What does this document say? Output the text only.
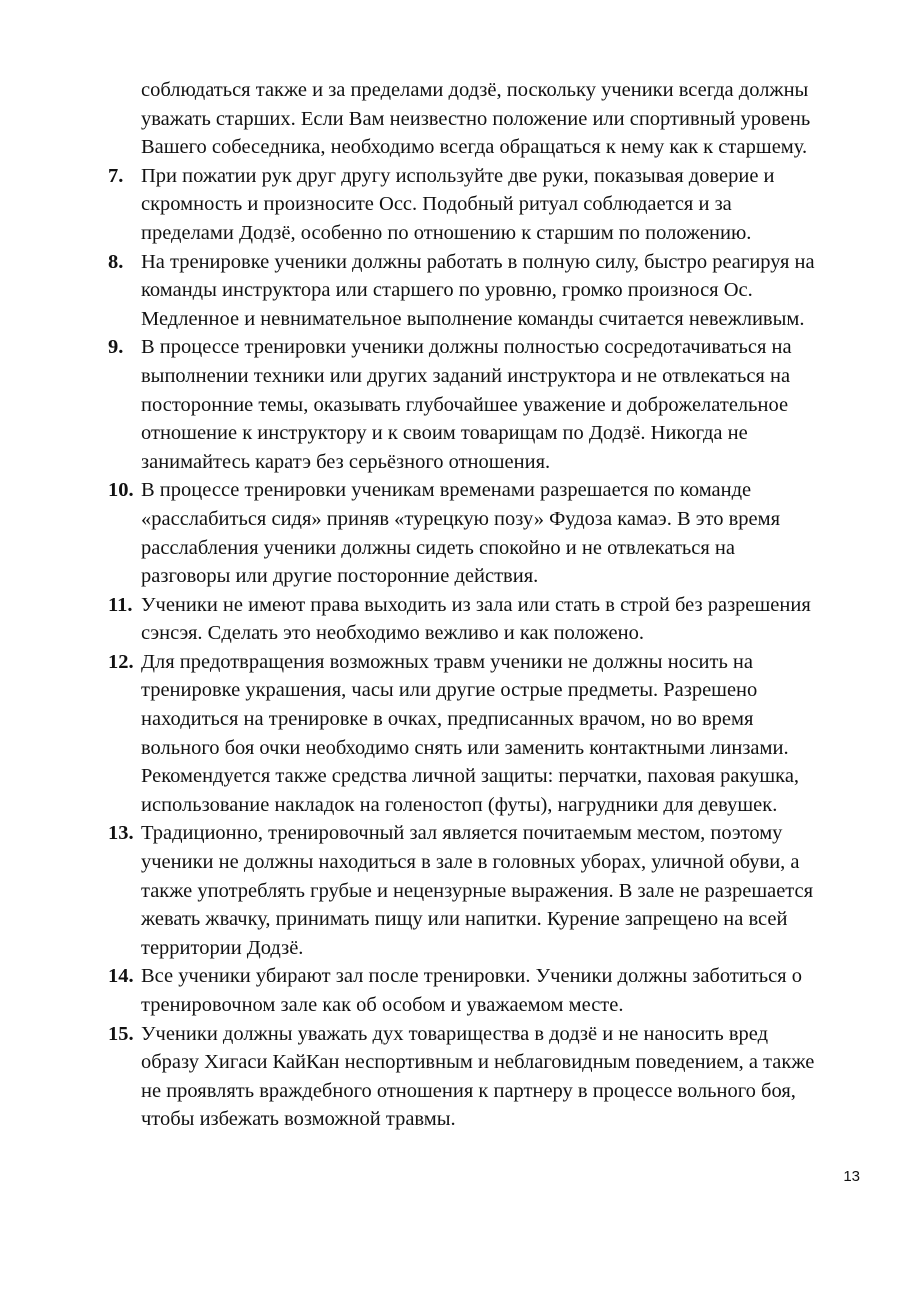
соблюдаться также и за пределами додзё, поскольку ученики всегда должны
уважать старших. Если Вам неизвестно положение или спортивный уровень
Вашего собеседника, необходимо всегда обращаться к нему как к старшему.
7. При пожатии рук друг другу используйте две руки, показывая доверие и
скромность и произносите Осс. Подобный ритуал соблюдается и за
пределами Додзё, особенно по отношению к старшим по положению.
8. На тренировке ученики должны работать в полную силу, быстро реагируя на
команды инструктора или старшего по уровню, громко произнося Ос.
Медленное и невнимательное выполнение команды считается невежливым.
9. В процессе тренировки ученики должны полностью сосредотачиваться на
выполнении техники или других заданий инструктора и не отвлекаться на
посторонние темы, оказывать глубочайшее уважение и доброжелательное
отношение к инструктору и к своим товарищам по Додзё. Никогда не
занимайтесь каратэ без серьёзного отношения.
10. В процессе тренировки ученикам временами разрешается по команде
«расслабиться сидя» приняв «турецкую позу» Фудоза камаэ. В это время
расслабления ученики должны сидеть спокойно и не отвлекаться на
разговоры или другие посторонние действия.
11. Ученики не имеют права выходить из зала или стать в строй без разрешения
сэнсэя. Сделать это необходимо вежливо и как положено.
12. Для предотвращения возможных травм ученики не должны носить на
тренировке украшения, часы или другие острые предметы. Разрешено
находиться на тренировке в очках, предписанных врачом, но во время
вольного боя очки необходимо снять или заменить контактными линзами.
Рекомендуется также средства личной защиты: перчатки, паховая ракушка,
использование накладок на голеностоп (футы), нагрудники для девушек.
13. Традиционно, тренировочный зал является почитаемым местом, поэтому
ученики не должны находиться в зале в головных уборах, уличной обуви, а
также употреблять грубые и нецензурные выражения. В зале не разрешается
жевать жвачку, принимать пищу или напитки. Курение запрещено на всей
территории Додзё.
14. Все ученики убирают зал после тренировки. Ученики должны заботиться о
тренировочном зале как об особом и уважаемом месте.
15. Ученики должны уважать дух товарищества в додзё и не наносить вред
образу Хигаси КайКан неспортивным и неблаговидным поведением, а также
не проявлять враждебного отношения к партнеру в процессе вольного боя,
чтобы избежать возможной травмы.
13
